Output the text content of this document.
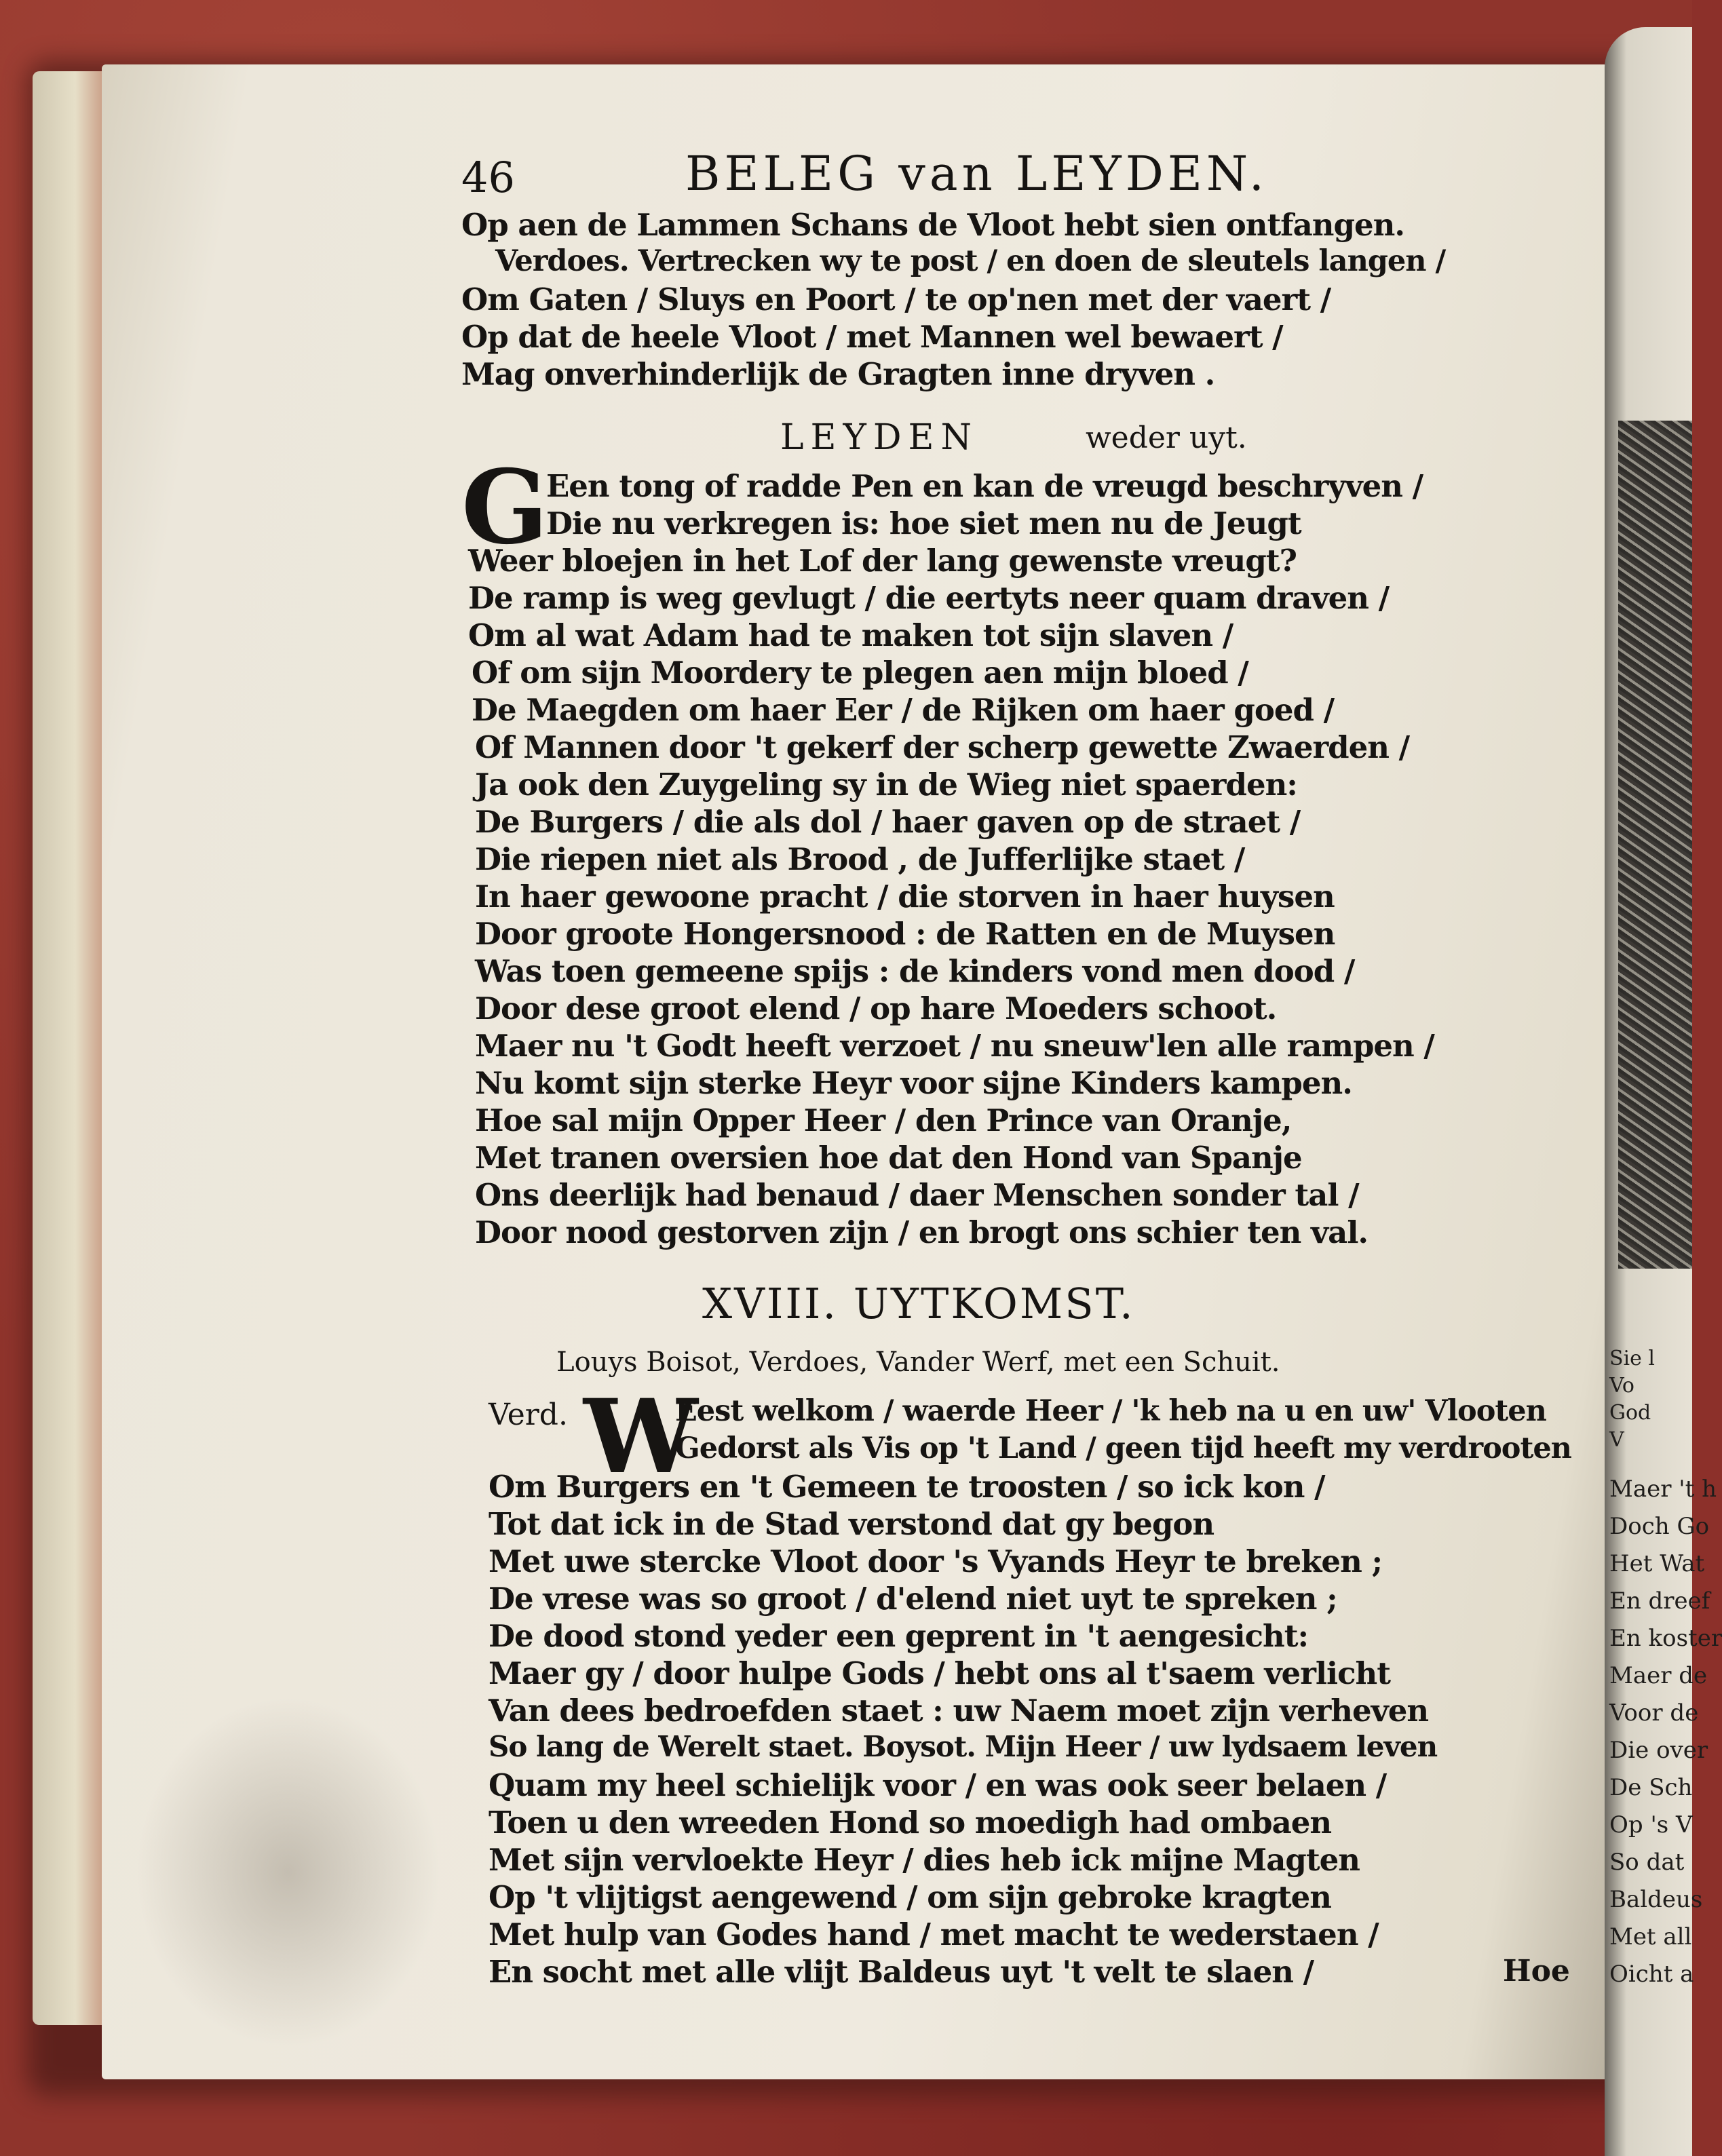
46	BELEG van LEYDEN.
Op aen de Lammen Schans de Vloot hebt sien ontfangen.
Verdoes. Vertrecken wy te post / en doen de sleutels langen /
Om Gaten / Sluys en Poort / te op'nen met der vaert /
Op dat de heele Vloot / met Mannen wel bewaert /
Mag onverhinderlijk de Gragten inne dryven .
LEYDEN	weder uyt.
G
Een tong of radde Pen en kan de vreugd beschryven /
Die nu verkregen is: hoe siet men nu de Jeugt
Weer bloejen in het Lof der lang gewenste vreugt?
De ramp is weg gevlugt / die eertyts neer quam draven /
Om al wat Adam had te maken tot sijn slaven /
Of om sijn Moordery te plegen aen mijn bloed /
De Maegden om haer Eer / de Rijken om haer goed /
Of Mannen door 't gekerf der scherp gewette Zwaerden /
Ja ook den Zuygeling sy in de Wieg niet spaerden:
De Burgers / die als dol / haer gaven op de straet /
Die riepen niet als Brood , de Jufferlijke staet /
In haer gewoone pracht / die storven in haer huysen
Door groote Hongersnood : de Ratten en de Muysen
Was toen gemeene spijs : de kinders vond men dood /
Door dese groot elend / op hare Moeders schoot.
Maer nu 't Godt heeft verzoet / nu sneuw'len alle rampen /
Nu komt sijn sterke Heyr voor sijne Kinders kampen.
Hoe sal mijn Opper Heer / den Prince van Oranje,
Met tranen oversien hoe dat den Hond van Spanje
Ons deerlijk had benaud / daer Menschen sonder tal /
Door nood gestorven zijn / en brogt ons schier ten val.
XVIII. UYTKOMST.
Louys Boisot, Verdoes, Vander Werf, met een Schuit.
Verd. W
Eest welkom / waerde Heer / 'k heb na u en uw' Vlooten
Gedorst als Vis op 't Land / geen tijd heeft my verdrooten
Om Burgers en 't Gemeen te troosten / so ick kon /
Tot dat ick in de Stad verstond dat gy begon
Met uwe stercke Vloot door 's Vyands Heyr te breken ;
De vrese was so groot / d'elend niet uyt te spreken ;
De dood stond yeder een geprent in 't aengesicht:
Maer gy / door hulpe Gods / hebt ons al t'saem verlicht
Van dees bedroefden staet : uw Naem moet zijn verheven
So lang de Werelt staet. Boysot. Mijn Heer / uw lydsaem leven
Quam my heel schielijk voor / en was ook seer belaen /
Toen u den wreeden Hond so moedigh had ombaen
Met sijn vervloekte Heyr / dies heb ick mijne Magten
Op 't vlijtigst aengewend / om sijn gebroke kragten
Met hulp van Godes hand / met macht te wederstaen /
En socht met alle vlijt Baldeus uyt 't velt te slaen /	Hoe
Sie l
Vo
God
V
Maer 't h
Doch Go
Het Wat
En dreef
En koster
Maer de
Voor de
Die over
De Sch
Op 's V
So dat
Baldeus
Met all
Oicht a
